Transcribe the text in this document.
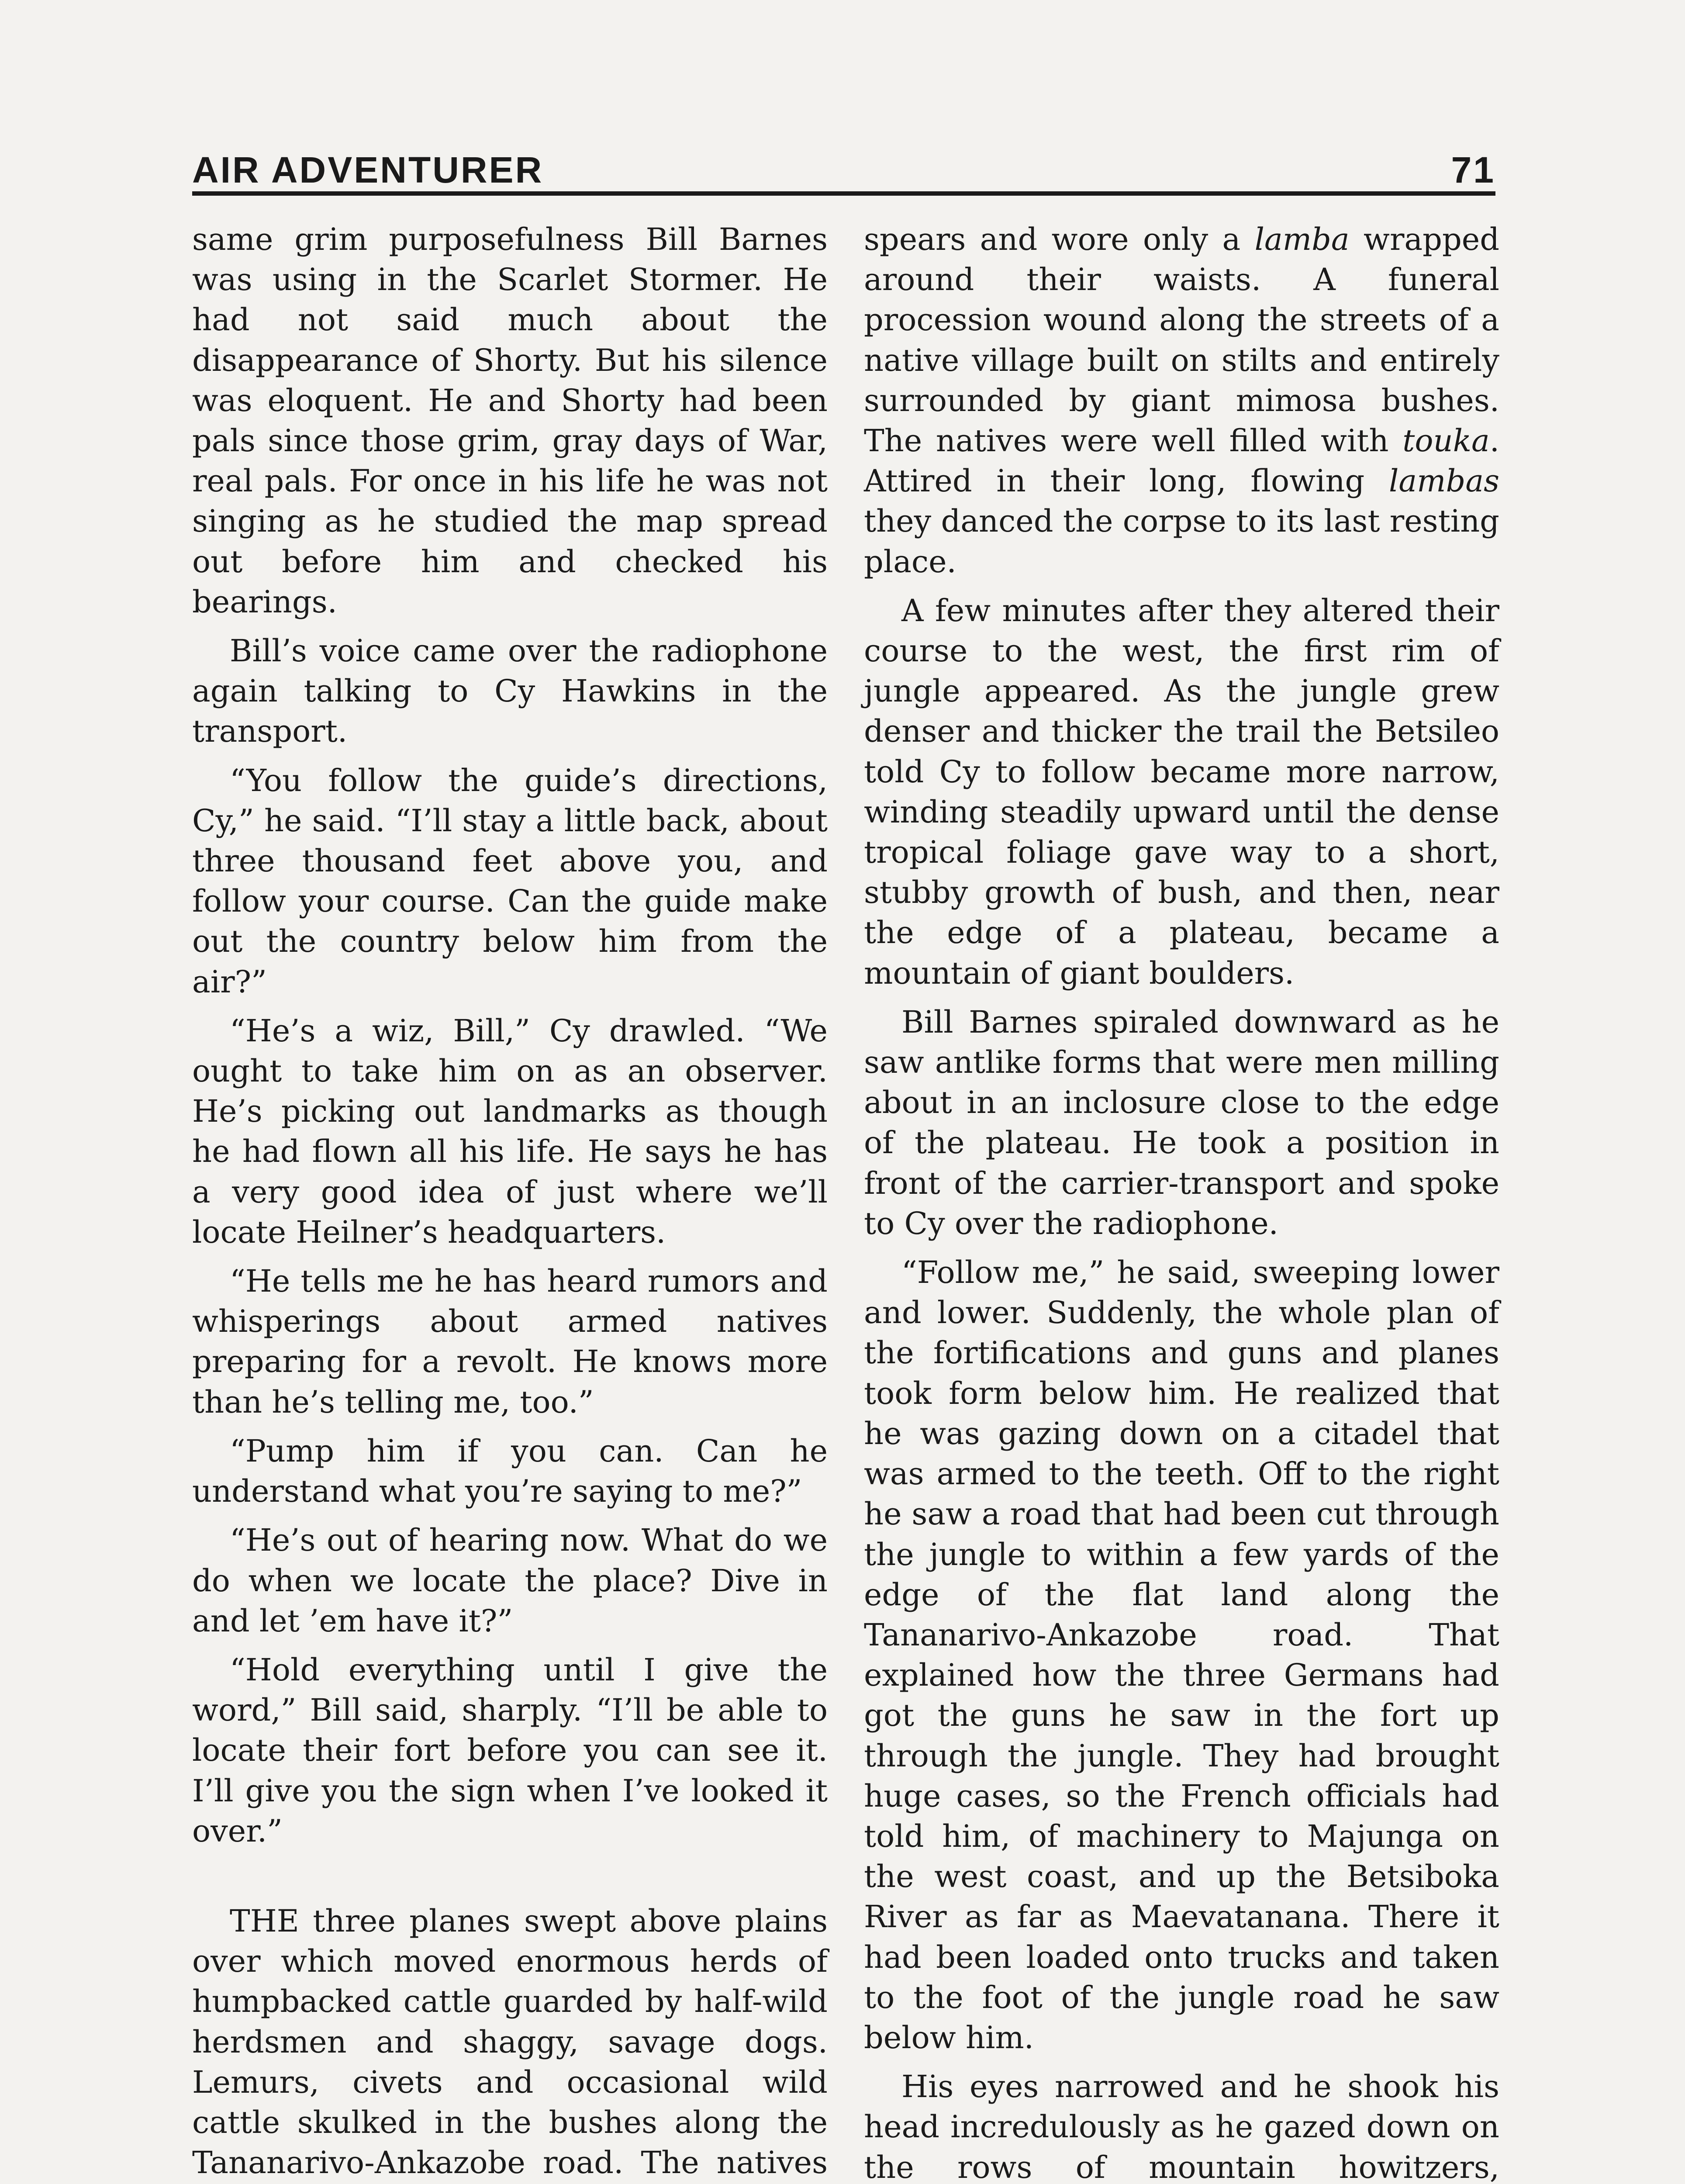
AIR ADVENTURER	71

same grim purposefulness Bill Barnes was using in the Scarlet Stormer. He had not said much about the disappearance of Shorty. But his silence was eloquent. He and Shorty had been pals since those grim, gray days of War, real pals. For once in his life he was not singing as he studied the map spread out before him and checked his bearings.

Bill’s voice came over the radiophone again talking to Cy Hawkins in the transport.

“You follow the guide’s directions, Cy,” he said. “I’ll stay a little back, about three thousand feet above you, and follow your course. Can the guide make out the country below him from the air?”

“He’s a wiz, Bill,” Cy drawled. “We ought to take him on as an observer. He’s picking out landmarks as though he had flown all his life. He says he has a very good idea of just where we’ll locate Heilner’s headquarters.

“He tells me he has heard rumors and whisperings about armed natives preparing for a revolt. He knows more than he’s telling me, too.”

“Pump him if you can. Can he understand what you’re saying to me?”

“He’s out of hearing now. What do we do when we locate the place? Dive in and let ’em have it?”

“Hold everything until I give the word,” Bill said, sharply. “I’ll be able to locate their fort before you can see it. I’ll give you the sign when I’ve looked it over.”

THE three planes swept above plains over which moved enormous herds of humpbacked cattle guarded by half-wild herdsmen and shaggy, savage dogs. Lemurs, civets and occasional wild cattle skulked in the bushes along the Tananarivo-Ankazobe road. The natives

spears and wore only a lamba wrapped around their waists. A funeral procession wound along the streets of a native village built on stilts and entirely surrounded by giant mimosa bushes. The natives were well filled with touka. Attired in their long, flowing lambas they danced the corpse to its last resting place.

A few minutes after they altered their course to the west, the first rim of jungle appeared. As the jungle grew denser and thicker the trail the Betsileo told Cy to follow became more narrow, winding steadily upward until the dense tropical foliage gave way to a short, stubby growth of bush, and then, near the edge of a plateau, became a mountain of giant boulders.

Bill Barnes spiraled downward as he saw antlike forms that were men milling about in an inclosure close to the edge of the plateau. He took a position in front of the carrier-transport and spoke to Cy over the radiophone.

“Follow me,” he said, sweeping lower and lower. Suddenly, the whole plan of the fortifications and guns and planes took form below him. He realized that he was gazing down on a citadel that was armed to the teeth. Off to the right he saw a road that had been cut through the jungle to within a few yards of the edge of the flat land along the Tananarivo-Ankazobe road. That explained how the three Germans had got the guns he saw in the fort up through the jungle. They had brought huge cases, so the French officials had told him, of machinery to Majunga on the west coast, and up the Betsiboka River as far as Maevatanana. There it had been loaded onto trucks and taken to the foot of the jungle road he saw below him.

His eyes narrowed and he shook his head incredulously as he gazed down on the rows of mountain howitzers,
